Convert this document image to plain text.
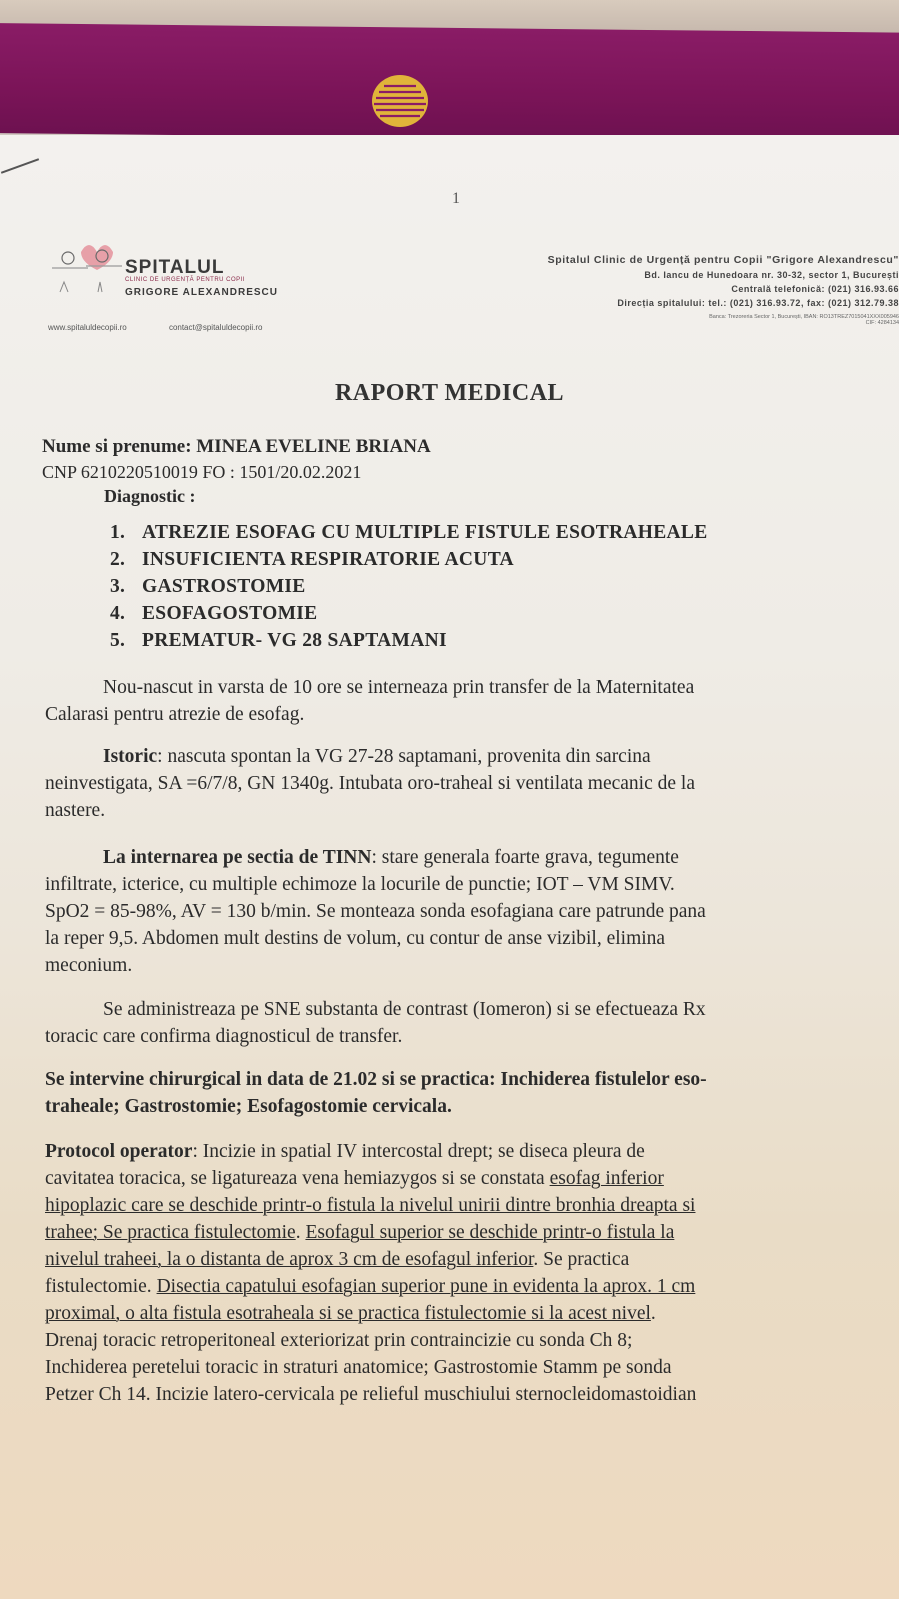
1
SPITALUL
CLINIC DE URGENȚĂ PENTRU COPII
GRIGORE ALEXANDRESCU
www.spitaluldecopii.ro	contact@spitaluldecopii.ro
Spitalul Clinic de Urgență pentru Copii "Grigore Alexandrescu"
Bd. Iancu de Hunedoara nr. 30-32, sector 1, București
Centrală telefonică: (021) 316.93.66
Direcția spitalului: tel.: (021) 316.93.72, fax: (021) 312.79.38
Banca: Trezoreria Sector 1, București, IBAN: RO13TREZ7015041XXX005946
CIF: 4284134
RAPORT MEDICAL
Nume si prenume: MINEA EVELINE BRIANA
CNP 6210220510019 FO : 1501/20.02.2021
Diagnostic :
1. ATREZIE ESOFAG CU MULTIPLE FISTULE ESOTRAHEALE
2. INSUFICIENTA RESPIRATORIE ACUTA
3. GASTROSTOMIE
4. ESOFAGOSTOMIE
5. PREMATUR- VG 28 SAPTAMANI

Nou-nascut in varsta de 10 ore se interneaza prin transfer de la Maternitatea

Calarasi pentru atrezie de esofag.

Istoric: nascuta spontan la VG 27-28 saptamani, provenita din sarcina

neinvestigata, SA =6/7/8, GN 1340g. Intubata oro-traheal si ventilata mecanic de la

nastere.

La internarea pe sectia de TINN: stare generala foarte grava, tegumente

infiltrate, icterice, cu multiple echimoze la locurile de punctie; IOT – VM SIMV.

SpO2 = 85-98%, AV = 130 b/min. Se monteaza sonda esofagiana care patrunde pana

la reper 9,5. Abdomen mult destins de volum, cu contur de anse vizibil, elimina

meconium.

Se administreaza pe SNE substanta de contrast (Iomeron) si se efectueaza Rx

toracic care confirma diagnosticul de transfer.

Se intervine chirurgical in data de 21.02 si se practica: Inchiderea fistulelor eso-

traheale; Gastrostomie; Esofagostomie cervicala.

Protocol operator: Incizie in spatial IV intercostal drept; se diseca pleura de

cavitatea toracica, se ligatureaza vena hemiazygos si se constata esofag inferior

hipoplazic care se deschide printr-o fistula la nivelul unirii dintre bronhia dreapta si

trahee; Se practica fistulectomie. Esofagul superior se deschide printr-o fistula la

nivelul traheei, la o distanta de aprox 3 cm de esofagul inferior. Se practica

fistulectomie. Disectia capatului esofagian superior pune in evidenta la aprox. 1 cm

proximal, o alta fistula esotraheala si se practica fistulectomie si la acest nivel.

Drenaj toracic retroperitoneal exteriorizat prin contraincizie cu sonda Ch 8;

Inchiderea peretelui toracic in straturi anatomice; Gastrostomie Stamm pe sonda

Petzer Ch 14. Incizie latero-cervicala pe relieful muschiului sternocleidomastoidian
